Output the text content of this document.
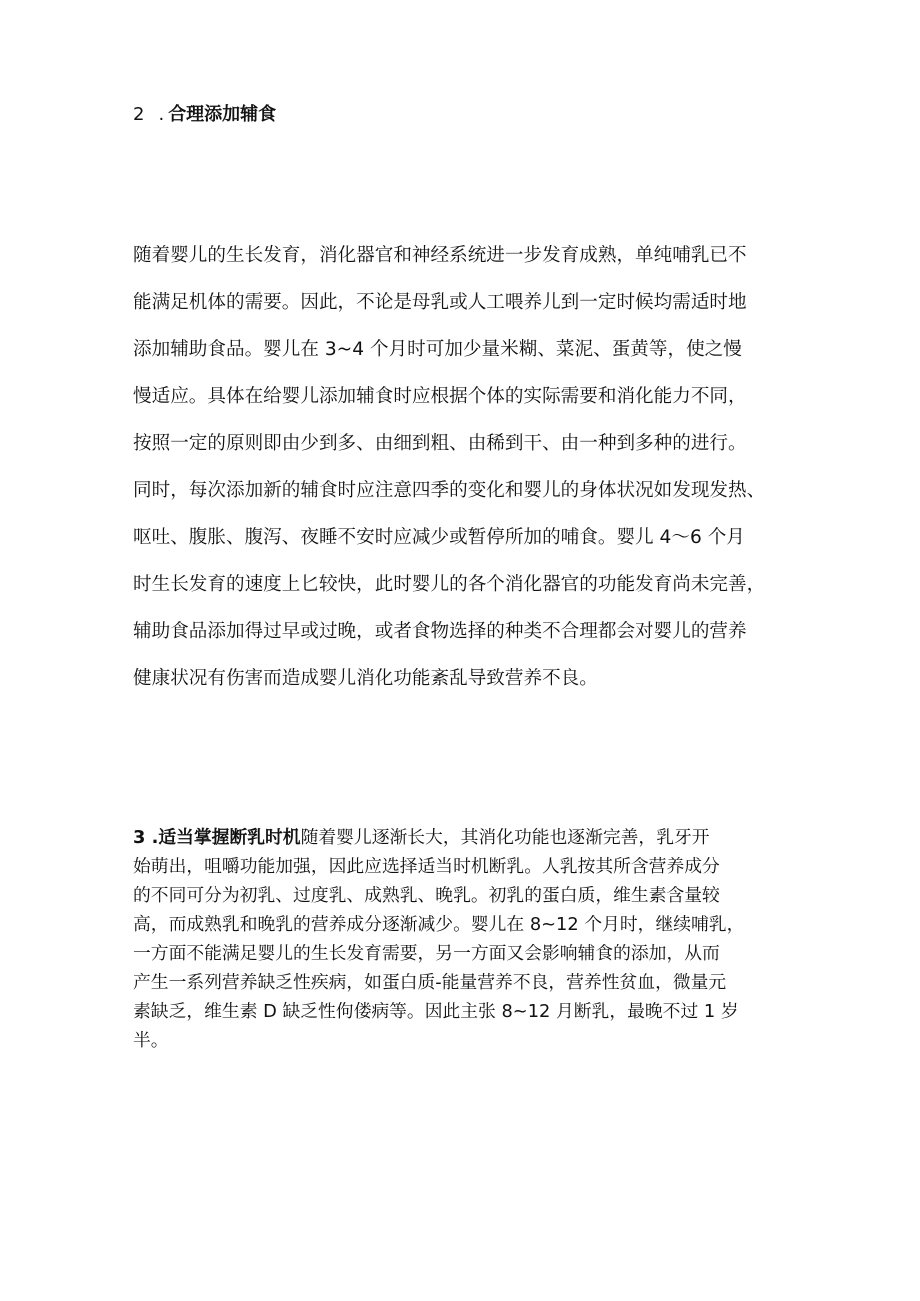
2 . 合理添加辅食
随着婴儿的生长发育，消化器官和神经系统进一步发育成熟，单纯哺乳已不
能满足机体的需要。因此，不论是母乳或人工喂养儿到一定时候均需适时地
添加辅助食品。婴儿在 3~4 个月时可加少量米糊、菜泥、蛋黄等，使之慢
慢适应。具体在给婴儿添加辅食时应根据个体的实际需要和消化能力不同，
按照一定的原则即由少到多、由细到粗、由稀到干、由一种到多种的进行。
同时，每次添加新的辅食时应注意四季的变化和婴儿的身体状况如发现发热、
呕吐、腹胀、腹泻、夜睡不安时应减少或暂停所加的哺食。婴儿 4～6 个月
时生长发育的速度上匕较快，此时婴儿的各个消化器官的功能发育尚未完善，
辅助食品添加得过早或过晚，或者食物选择的种类不合理都会对婴儿的营养
健康状况有伤害而造成婴儿消化功能紊乱导致营养不良。
3 .适当掌握断乳时机随着婴儿逐渐长大，其消化功能也逐渐完善，乳牙开
始萌出，咀嚼功能加强，因此应选择适当时机断乳。人乳按其所含营养成分
的不同可分为初乳、过度乳、成熟乳、晚乳。初乳的蛋白质，维生素含量较
高，而成熟乳和晚乳的营养成分逐渐减少。婴儿在 8~12 个月时，继续哺乳，
一方面不能满足婴儿的生长发育需要，另一方面又会影响辅食的添加，从而
产生一系列营养缺乏性疾病，如蛋白质-能量营养不良，营养性贫血，微量元
素缺乏，维生素 D 缺乏性佝偻病等。因此主张 8~12 月断乳，最晚不过 1 岁
半。
